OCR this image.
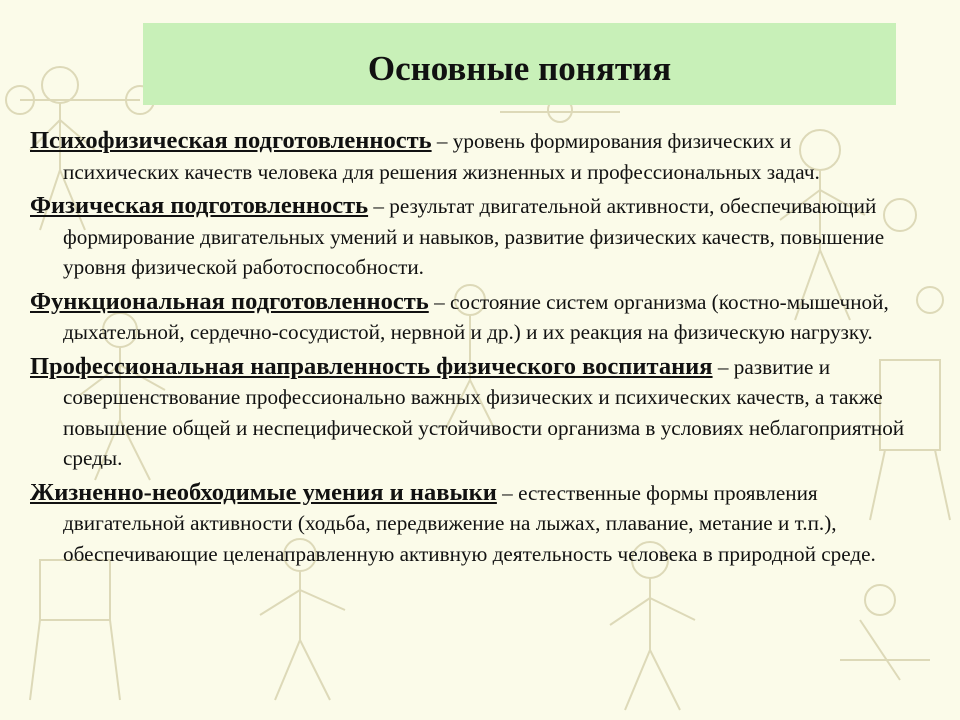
Основные понятия

Психофизическая подготовленность – уровень формирования физических и психических качеств человека для решения жизненных и профессиональных задач.

Физическая подготовленность – результат двигательной активности, обеспечивающий формирование двигательных умений и навыков, развитие физических качеств, повышение уровня физической работоспособности.

Функциональная подготовленность – состояние систем организма (костно-мышечной, дыхательной, сердечно-сосудистой, нервной и др.) и их реакция на физическую нагрузку.

Профессиональная направленность физического воспитания – развитие и совершенствование профессионально важных физических и психических качеств, а также повышение общей и неспецифической устойчивости организма в условиях неблагоприятной среды.

Жизненно-необходимые умения и навыки – естественные формы проявления двигательной активности (ходьба, передвижение на лыжах, плавание, метание и т.п.), обеспечивающие целенаправленную активную деятельность человека в природной среде.
